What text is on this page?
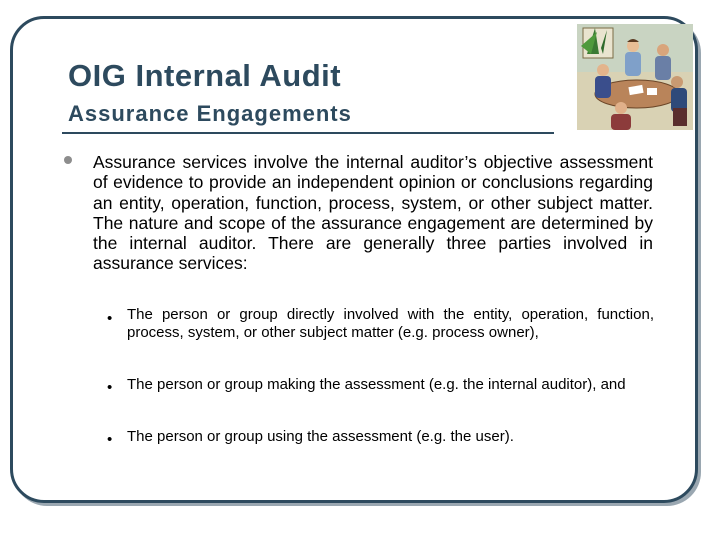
OIG Internal Audit
Assurance Engagements
Assurance services involve the internal auditor’s objective assessment of evidence to provide an independent opinion or conclusions regarding an entity, operation, function, process, system, or other subject matter. The nature and scope of the assurance engagement are determined by the internal auditor. There are generally three parties involved in assurance services:
• The person or group directly involved with the entity, operation, function, process, system, or other subject matter (e.g. process owner),
• The person or group making the assessment (e.g. the internal auditor), and
• The person or group using the assessment (e.g. the user).
